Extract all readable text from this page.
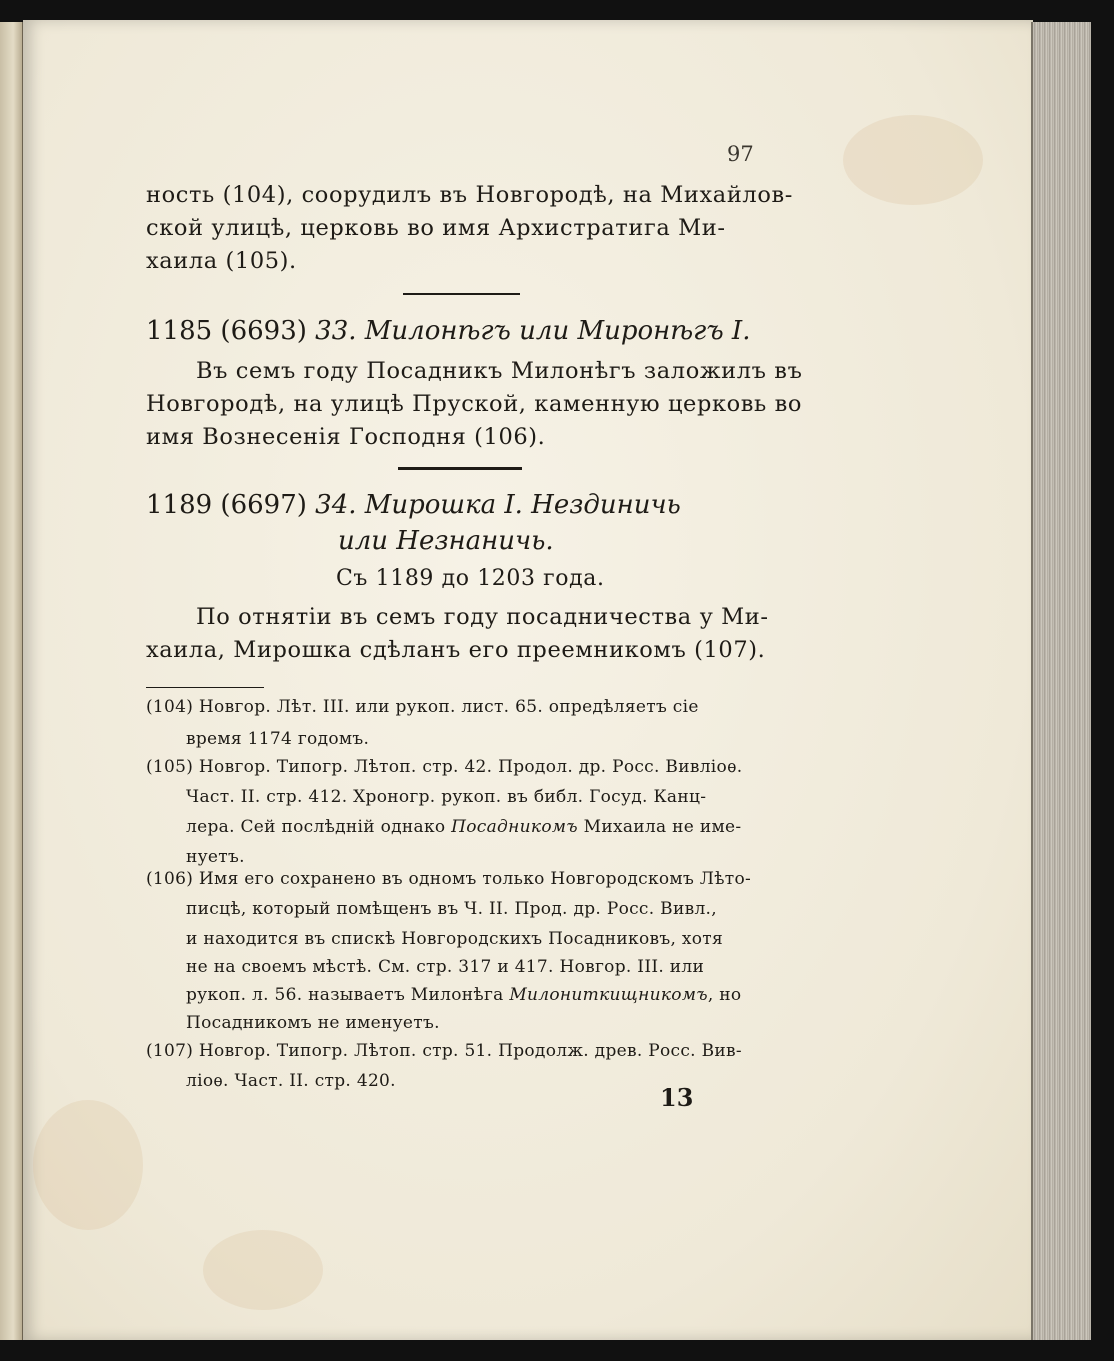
97
ность (104), соорудилъ въ Новгородѣ, на Михайлов-
ской улицѣ, церковь во имя Архистратига Ми-
хаила (105).
1185 (6693) 33. Милонѣгъ или Миронѣгъ I.
Въ семъ году Посадникъ Милонѣгъ заложилъ въ
Новгородѣ, на улицѣ Пруской, каменную церковь во
имя Вознесенія Господня (106).
1189 (6697) 34. Мирошка I. Нездиничь
или Незнаничь.
Съ 1189 до 1203 года.
По отнятіи въ семъ году посадничества у Ми-
хаила, Мирошка сдѣланъ его преемникомъ (107).
(104) Новгор. Лѣт. III. или рукоп. лист. 65. опредѣляетъ сіе
время 1174 годомъ.
(105) Новгор. Типогр. Лѣтоп. стр. 42. Продол. др. Росс. Вивліоѳ.
Част. II. стр. 412. Хроногр. рукоп. въ библ. Госуд. Канц-
лера. Сей послѣдній однако Посадникомъ Михаила не име-
нуетъ.
(106) Имя его сохранено въ одномъ только Новгородскомъ Лѣто-
писцѣ, который помѣщенъ въ Ч. II. Прод. др. Росс. Вивл.,
и находится въ спискѣ Новгородскихъ Посадниковъ, хотя
не на своемъ мѣстѣ. См. стр. 317 и 417. Новгор. III. или
рукоп. л. 56. называетъ Милонѣга Милониткищникомъ, но
Посадникомъ не именуетъ.
(107) Новгор. Типогр. Лѣтоп. стр. 51. Продолж. древ. Росс. Вив-
ліоѳ. Част. II. стр. 420.
13
